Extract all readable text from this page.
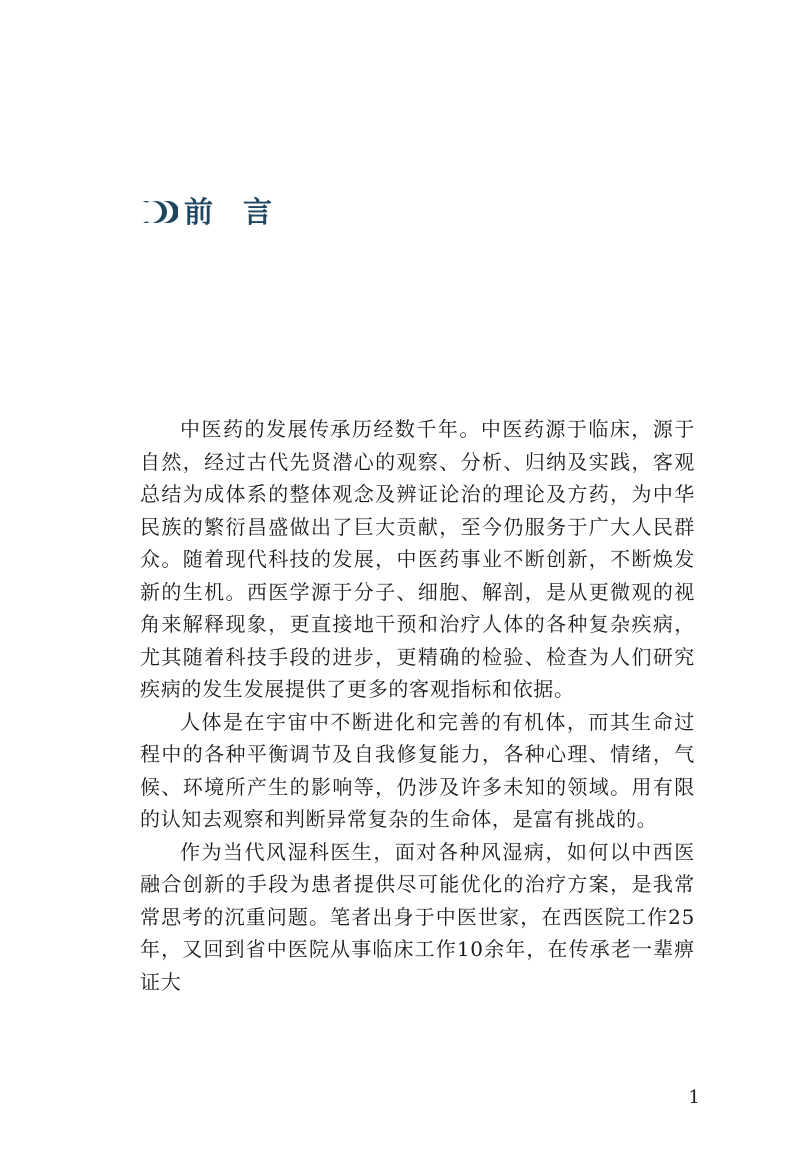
前言

中医药的发展传承历经数千年。中医药源于临床，源于自然，经过古代先贤潜心的观察、分析、归纳及实践，客观总结为成体系的整体观念及辨证论治的理论及方药，为中华民族的繁衍昌盛做出了巨大贡献，至今仍服务于广大人民群众。随着现代科技的发展，中医药事业不断创新，不断焕发新的生机。西医学源于分子、细胞、解剖，是从更微观的视角来解释现象，更直接地干预和治疗人体的各种复杂疾病，尤其随着科技手段的进步，更精确的检验、检查为人们研究疾病的发生发展提供了更多的客观指标和依据。

人体是在宇宙中不断进化和完善的有机体，而其生命过程中的各种平衡调节及自我修复能力，各种心理、情绪，气候、环境所产生的影响等，仍涉及许多未知的领域。用有限的认知去观察和判断异常复杂的生命体，是富有挑战的。

作为当代风湿科医生，面对各种风湿病，如何以中西医融合创新的手段为患者提供尽可能优化的治疗方案，是我常常思考的沉重问题。笔者出身于中医世家，在西医院工作25年，又回到省中医院从事临床工作10余年，在传承老一辈痹证大

1
